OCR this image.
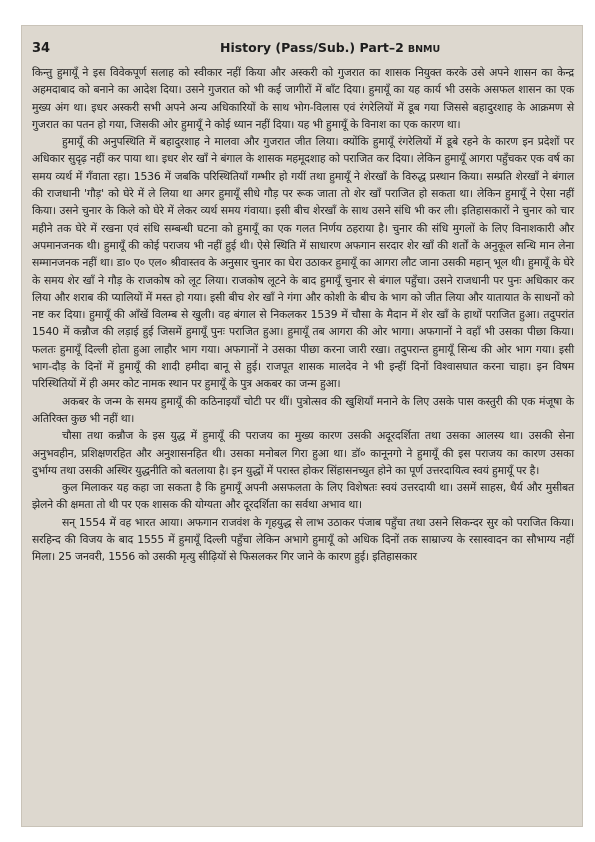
34	History (Pass/Sub.) Part–2 BNMU

किन्तु हुमायूँ ने इस विवेकपूर्ण सलाह को स्वीकार नहीं किया और अस्करी को गुजरात का शासक नियुक्त करके उसे अपने शासन का केन्द्र अहमदाबाद को बनाने का आदेश दिया। उसने गुजरात को भी कई जागीरों में बाँट दिया। हुमायूँ का यह कार्य भी उसके असफल शासन का एक मुख्य अंग था। इधर अस्करी सभी अपने अन्य अधिकारियों के साथ भोग-विलास एवं रंगरेलियों में डूब गया जिससे बहादुरशाह के आक्रमण से गुजरात का पतन हो गया, जिसकी ओर हुमायूँ ने कोई ध्यान नहीं दिया। यह भी हुमायूँ के विनाश का एक कारण था।

हुमायूँ की अनुपस्थिति में बहादुरशाह ने मालवा और गुजरात जीत लिया। क्योंकि हुमायूँ रंगरेलियों में डूबे रहने के कारण इन प्रदेशों पर अधिकार सुदृढ़ नहीं कर पाया था। इधर शेर खाँ ने बंगाल के शासक महमूदशाह को पराजित कर दिया। लेकिन हुमायूँ आगरा पहुँचकर एक वर्ष का समय व्यर्थ में गँवाता रहा। 1536 में जबकि परिस्थितियाँ गम्भीर हो गयीं तथा हुमायूँ ने शेरखाँ के विरुद्ध प्रस्थान किया। सम्प्रति शेरखाँ ने बंगाल की राजधानी 'गौड़' को घेरे में ले लिया था अगर हुमायूँ सीधे गौड़ पर रूक जाता तो शेर खाँ पराजित हो सकता था। लेकिन हुमायूँ ने ऐसा नहीं किया। उसने चुनार के किले को घेरे में लेकर व्यर्थ समय गंवाया। इसी बीच शेरखाँ के साथ उसने संधि भी कर ली। इतिहासकारों ने चुनार को चार महीने तक घेरे में रखना एवं संधि सम्बन्धी घटना को हुमायूँ का एक गलत निर्णय ठहराया है। चुनार की संधि मुगलों के लिए विनाशकारी और अपमानजनक थी। हुमायूँ की कोई पराजय भी नहीं हुई थी। ऐसे स्थिति में साधारण अफगान सरदार शेर खाँ की शर्तों के अनुकूल सन्धि मान लेना सम्मानजनक नहीं था। डा० ए० एल० श्रीवास्तव के अनुसार चुनार का घेरा उठाकर हुमायूँ का आगरा लौट जाना उसकी महान् भूल थी। हुमायूँ के घेरे के समय शेर खाँ ने गौड़ के राजकोष को लूट लिया। राजकोष लूटने के बाद हुमायूँ चुनार से बंगाल पहुँचा। उसने राजधानी पर पुनः अधिकार कर लिया और शराब की प्यालियों में मस्त हो गया। इसी बीच शेर खाँ ने गंगा और कोशी के बीच के भाग को जीत लिया और यातायात के साधनों को नष्ट कर दिया। हुमायूँ की आँखें विलम्ब से खुली। वह बंगाल से निकलकर 1539 में चौसा के मैदान में शेर खाँ के हाथों पराजित हुआ। तदुपरांत 1540 में कन्नौज की लड़ाई हुई जिसमें हुमायूँ पुनः पराजित हुआ। हुमायूँ तब आगरा की ओर भागा। अफगानों ने वहाँ भी उसका पीछा किया। फलतः हुमायूँ दिल्ली होता हुआ लाहौर भाग गया। अफगानों ने उसका पीछा करना जारी रखा। तदुपरान्त हुमायूँ सिन्ध की ओर भाग गया। इसी भाग-दौड़ के दिनों में हुमायूँ की शादी हमीदा बानू से हुई। राजपूत शासक मालदेव ने भी इन्हीं दिनों विश्वासघात करना चाहा। इन विषम परिस्थितियों में ही अमर कोट नामक स्थान पर हुमायूँ के पुत्र अकबर का जन्म हुआ।

अकबर के जन्म के समय हुमायूँ की कठिनाइयाँ चोटी पर थीं। पुत्रोत्सव की खुशियाँ मनाने के लिए उसके पास कस्तुरी की एक मंजूषा के अतिरिक्त कुछ भी नहीं था।

चौसा तथा कन्नौज के इस युद्ध में हुमायूँ की पराजय का मुख्य कारण उसकी अदूरदर्शिता तथा उसका आलस्य था। उसकी सेना अनुभवहीन, प्रशिक्षणरहित और अनुशासनहित थी। उसका मनोबल गिरा हुआ था। डॉ० कानूनगो ने हुमायूँ की इस पराजय का कारण उसका दुर्भाग्य तथा उसकी अस्थिर युद्धनीति को बतलाया है। इन युद्धों में परास्त होकर सिंहासनच्युत होने का पूर्ण उत्तरदायित्व स्वयं हुमायूँ पर है।

कुल मिलाकर यह कहा जा सकता है कि हुमायूँ अपनी असफलता के लिए विशेषतः स्वयं उत्तरदायी था। उसमें साहस, धैर्य और मुसीबत झेलने की क्षमता तो थी पर एक शासक की योग्यता और दूरदर्शिता का सर्वथा अभाव था।

सन् 1554 में वह भारत आया। अफगान राजवंश के गृहयुद्ध से लाभ उठाकर पंजाब पहुँचा तथा उसने सिकन्दर सुर को पराजित किया। सरहिन्द की विजय के बाद 1555 में हुमायूँ दिल्ली पहुँचा लेकिन अभागे हुमायूँ को अधिक दिनों तक साम्राज्य के रसास्वादन का सौभाग्य नहीं मिला। 25 जनवरी, 1556 को उसकी मृत्यु सीढ़ियों से फिसलकर गिर जाने के कारण हुई। इतिहासकार
